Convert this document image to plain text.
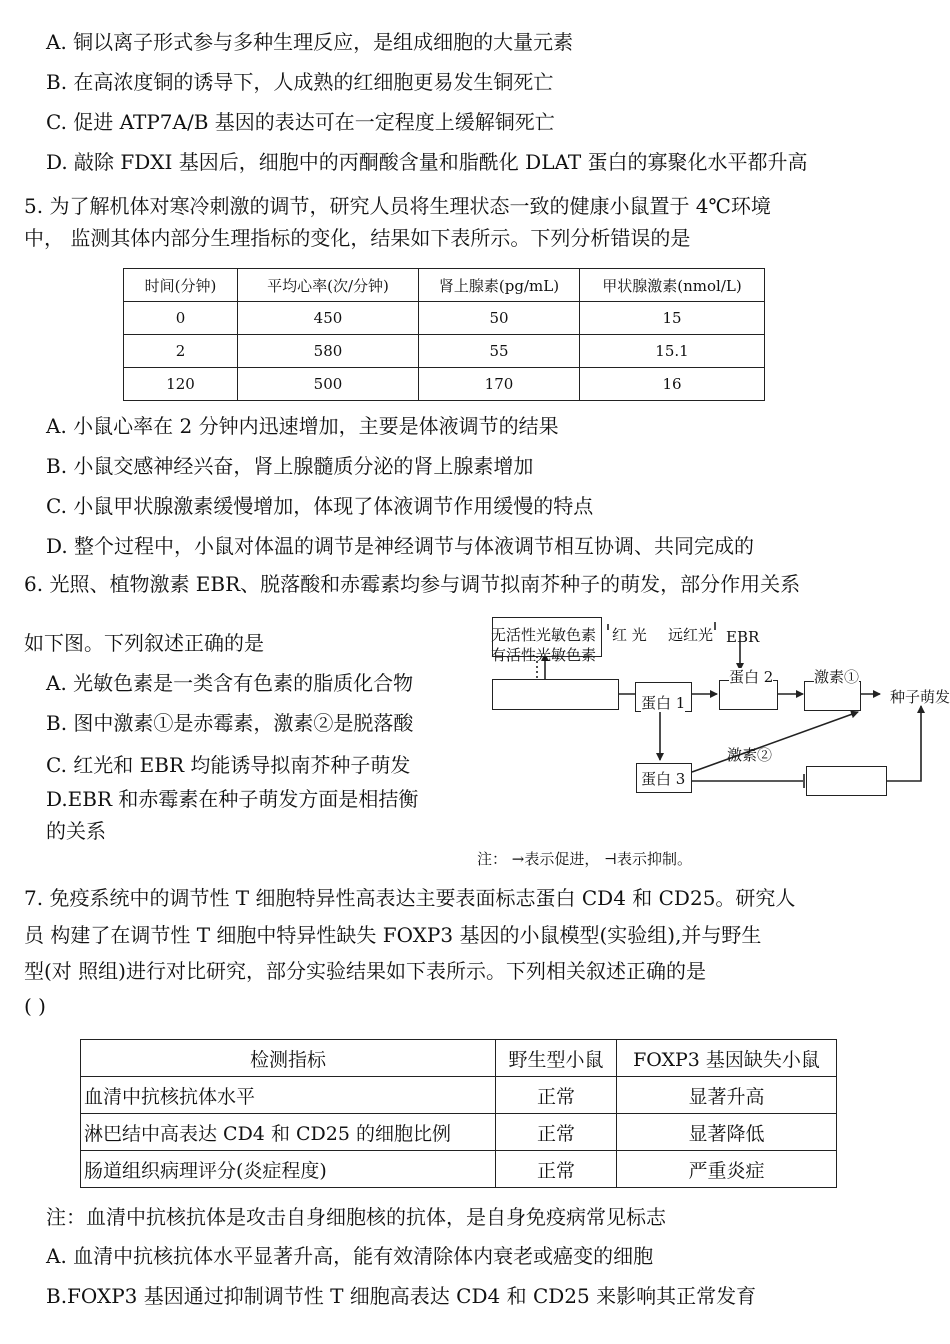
A. 铜以离子形式参与多种生理反应，是组成细胞的大量元素
B. 在高浓度铜的诱导下，人成熟的红细胞更易发生铜死亡
C. 促进 ATP7A/B 基因的表达可在一定程度上缓解铜死亡
D. 敲除 FDXI 基因后，细胞中的丙酮酸含量和脂酰化 DLAT 蛋白的寡聚化水平都升高
5. 为了解机体对寒冷刺激的调节，研究人员将生理状态一致的健康小鼠置于 4℃环境
中， 监测其体内部分生理指标的变化，结果如下表所示。下列分析错误的是
时间(分钟)	平均心率(次/分钟)	肾上腺素(pg/mL)	甲状腺激素(nmol/L)
0	450	50	15
2	580	55	15.1
120	500	170	16
A. 小鼠心率在 2 分钟内迅速增加，主要是体液调节的结果
B. 小鼠交感神经兴奋，肾上腺髓质分泌的肾上腺素增加
C. 小鼠甲状腺激素缓慢增加，体现了体液调节作用缓慢的特点
D. 整个过程中，小鼠对体温的调节是神经调节与体液调节相互协调、共同完成的
6. 光照、植物激素 EBR、脱落酸和赤霉素均参与调节拟南芥种子的萌发，部分作用关系
如下图。下列叙述正确的是
A. 光敏色素是一类含有色素的脂质化合物
B. 图中激素①是赤霉素，激素②是脱落酸
C. 红光和 EBR 均能诱导拟南芥种子萌发
D.EBR 和赤霉素在种子萌发方面是相拮衡
的关系
无活性光敏色素
有活性光敏色素
红 光 远红光 EBR
蛋白 1
蛋白 2	激素①
种子萌发
蛋白 3
激素②
注： →表示促进， ⊣表示抑制。
7. 免疫系统中的调节性 T 细胞特异性高表达主要表面标志蛋白 CD4 和 CD25。研究人
员 构建了在调节性 T 细胞中特异性缺失 FOXP3 基因的小鼠模型(实验组),并与野生
型(对 照组)进行对比研究，部分实验结果如下表所示。下列相关叙述正确的是
( )
检测指标	野生型小鼠	FOXP3 基因缺失小鼠
血清中抗核抗体水平	正常	显著升高
淋巴结中高表达 CD4 和 CD25 的细胞比例	正常	显著降低
肠道组织病理评分(炎症程度)	正常	严重炎症
注：血清中抗核抗体是攻击自身细胞核的抗体，是自身免疫病常见标志
A. 血清中抗核抗体水平显著升高，能有效清除体内衰老或癌变的细胞
B.FOXP3 基因通过抑制调节性 T 细胞高表达 CD4 和 CD25 来影响其正常发育
